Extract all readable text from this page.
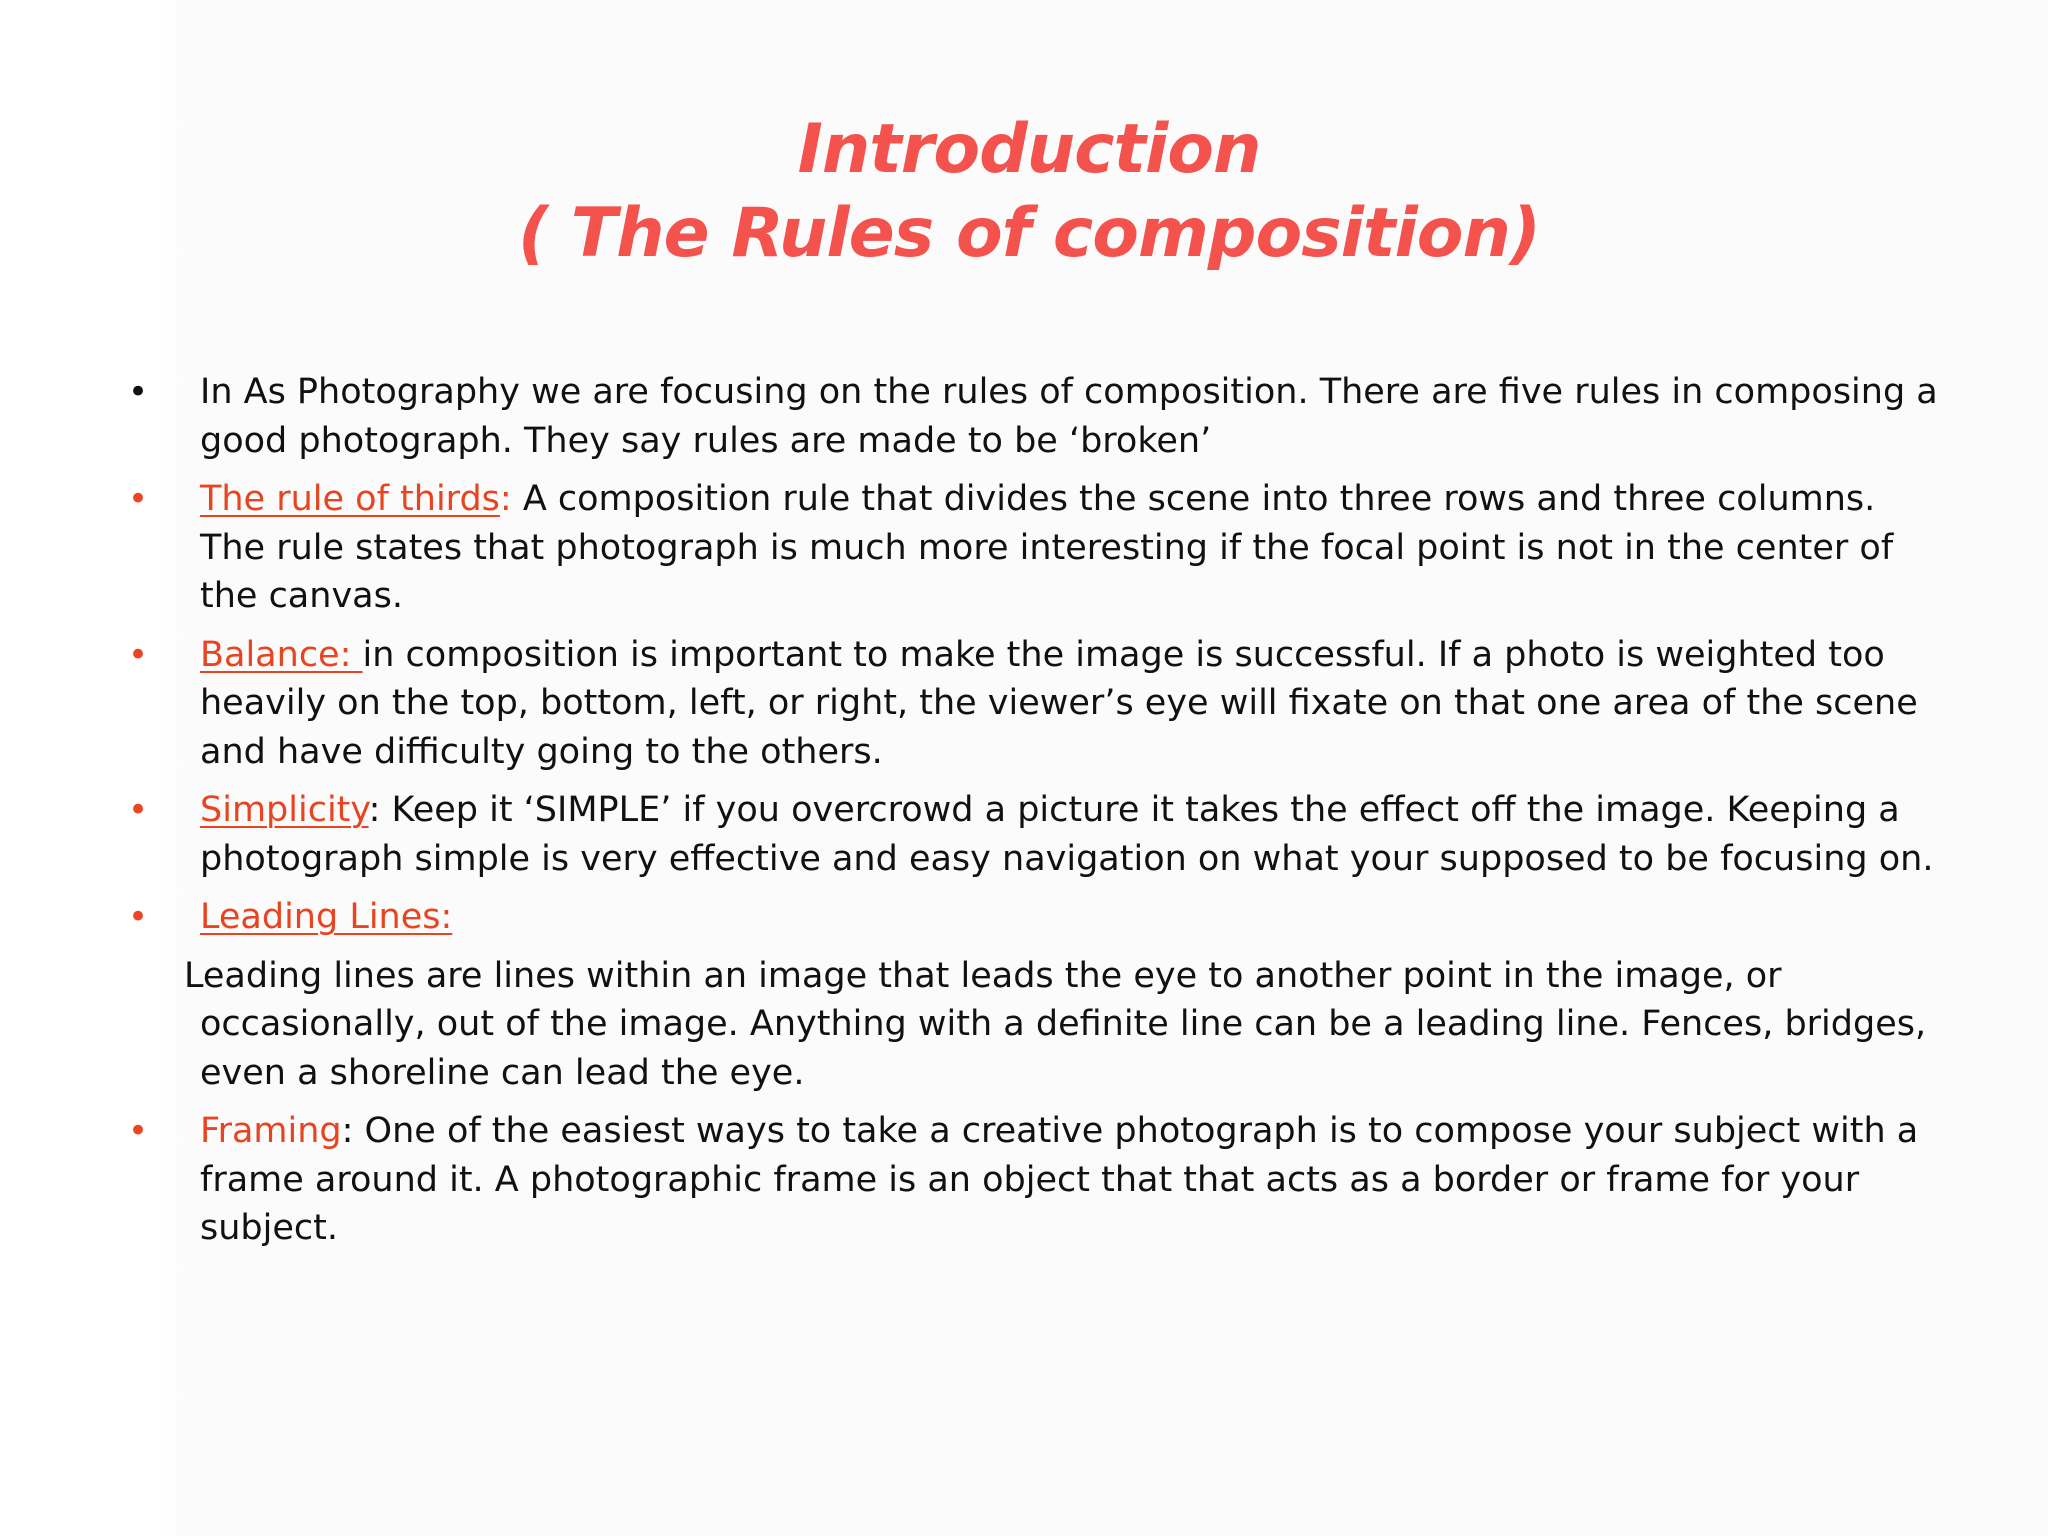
Introduction
( The Rules of composition)
• In As Photography we are focusing on the rules of composition. There are five rules in composing a good photograph. They say rules are made to be ‘broken’
• The rule of thirds: A composition rule that divides the scene into three rows and three columns. The rule states that photograph is much more interesting if the focal point is not in the center of the canvas.
• Balance: in composition is important to make the image is successful. If a photo is weighted too heavily on the top, bottom, left, or right, the viewer’s eye will fixate on that one area of the scene and have difficulty going to the others.
• Simplicity: Keep it ‘SIMPLE’ if you overcrowd a picture it takes the effect off the image. Keeping a photograph simple is very effective and easy navigation on what your supposed to be focusing on.
• Leading Lines:
Leading lines are lines within an image that leads the eye to another point in the image, or occasionally, out of the image. Anything with a definite line can be a leading line. Fences, bridges, even a shoreline can lead the eye.
• Framing: One of the easiest ways to take a creative photograph is to compose your subject with a frame around it. A photographic frame is an object that that acts as a border or frame for your subject.
